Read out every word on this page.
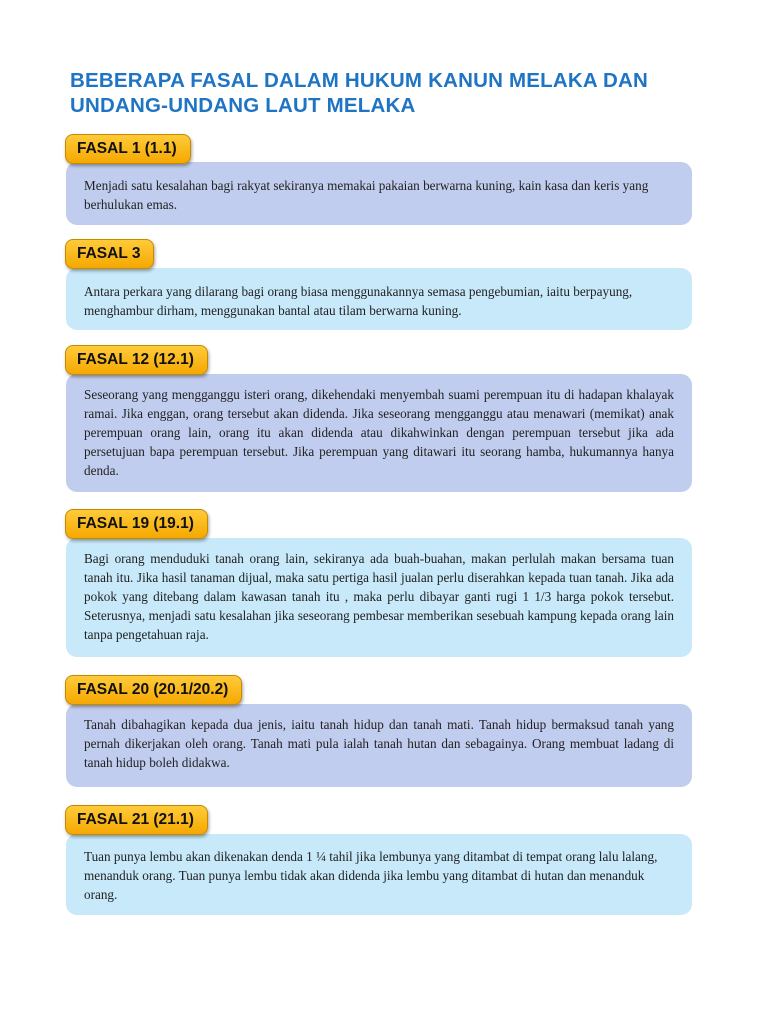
BEBERAPA FASAL DALAM HUKUM KANUN MELAKA DAN
UNDANG-UNDANG LAUT MELAKA
FASAL 1 (1.1)
Menjadi satu kesalahan bagi rakyat sekiranya memakai pakaian berwarna kuning, kain kasa dan keris yang berhulukan emas.
FASAL 3
Antara perkara yang dilarang bagi orang biasa menggunakannya semasa pengebumian, iaitu berpayung, menghambur dirham, menggunakan bantal atau tilam berwarna kuning.
FASAL 12 (12.1)
Seseorang yang mengganggu isteri orang, dikehendaki menyembah suami perempuan itu di hadapan khalayak ramai. Jika enggan, orang tersebut akan didenda. Jika seseorang mengganggu atau menawari (memikat) anak perempuan orang lain, orang itu akan didenda atau dikahwinkan dengan perempuan tersebut jika ada persetujuan bapa perempuan tersebut. Jika perempuan yang ditawari itu seorang hamba, hukumannya hanya denda.
FASAL 19 (19.1)
Bagi orang menduduki tanah orang lain, sekiranya ada buah-buahan, makan perlulah makan bersama tuan tanah itu. Jika hasil tanaman dijual, maka satu pertiga hasil jualan perlu diserahkan kepada tuan tanah. Jika ada pokok yang ditebang dalam kawasan tanah itu , maka perlu dibayar ganti rugi 1 1/3 harga pokok tersebut. Seterusnya, menjadi satu kesalahan jika seseorang pembesar memberikan sesebuah kampung kepada orang lain tanpa pengetahuan raja.
FASAL 20 (20.1/20.2)
Tanah dibahagikan kepada dua jenis, iaitu tanah hidup dan tanah mati. Tanah hidup bermaksud tanah yang pernah dikerjakan oleh orang. Tanah mati pula ialah tanah hutan dan sebagainya. Orang membuat ladang di tanah hidup boleh didakwa.
FASAL 21 (21.1)
Tuan punya lembu akan dikenakan denda 1 ¼ tahil jika lembunya yang ditambat di tempat orang lalu lalang, menanduk orang. Tuan punya lembu tidak akan didenda jika lembu yang ditambat di hutan dan menanduk orang.
